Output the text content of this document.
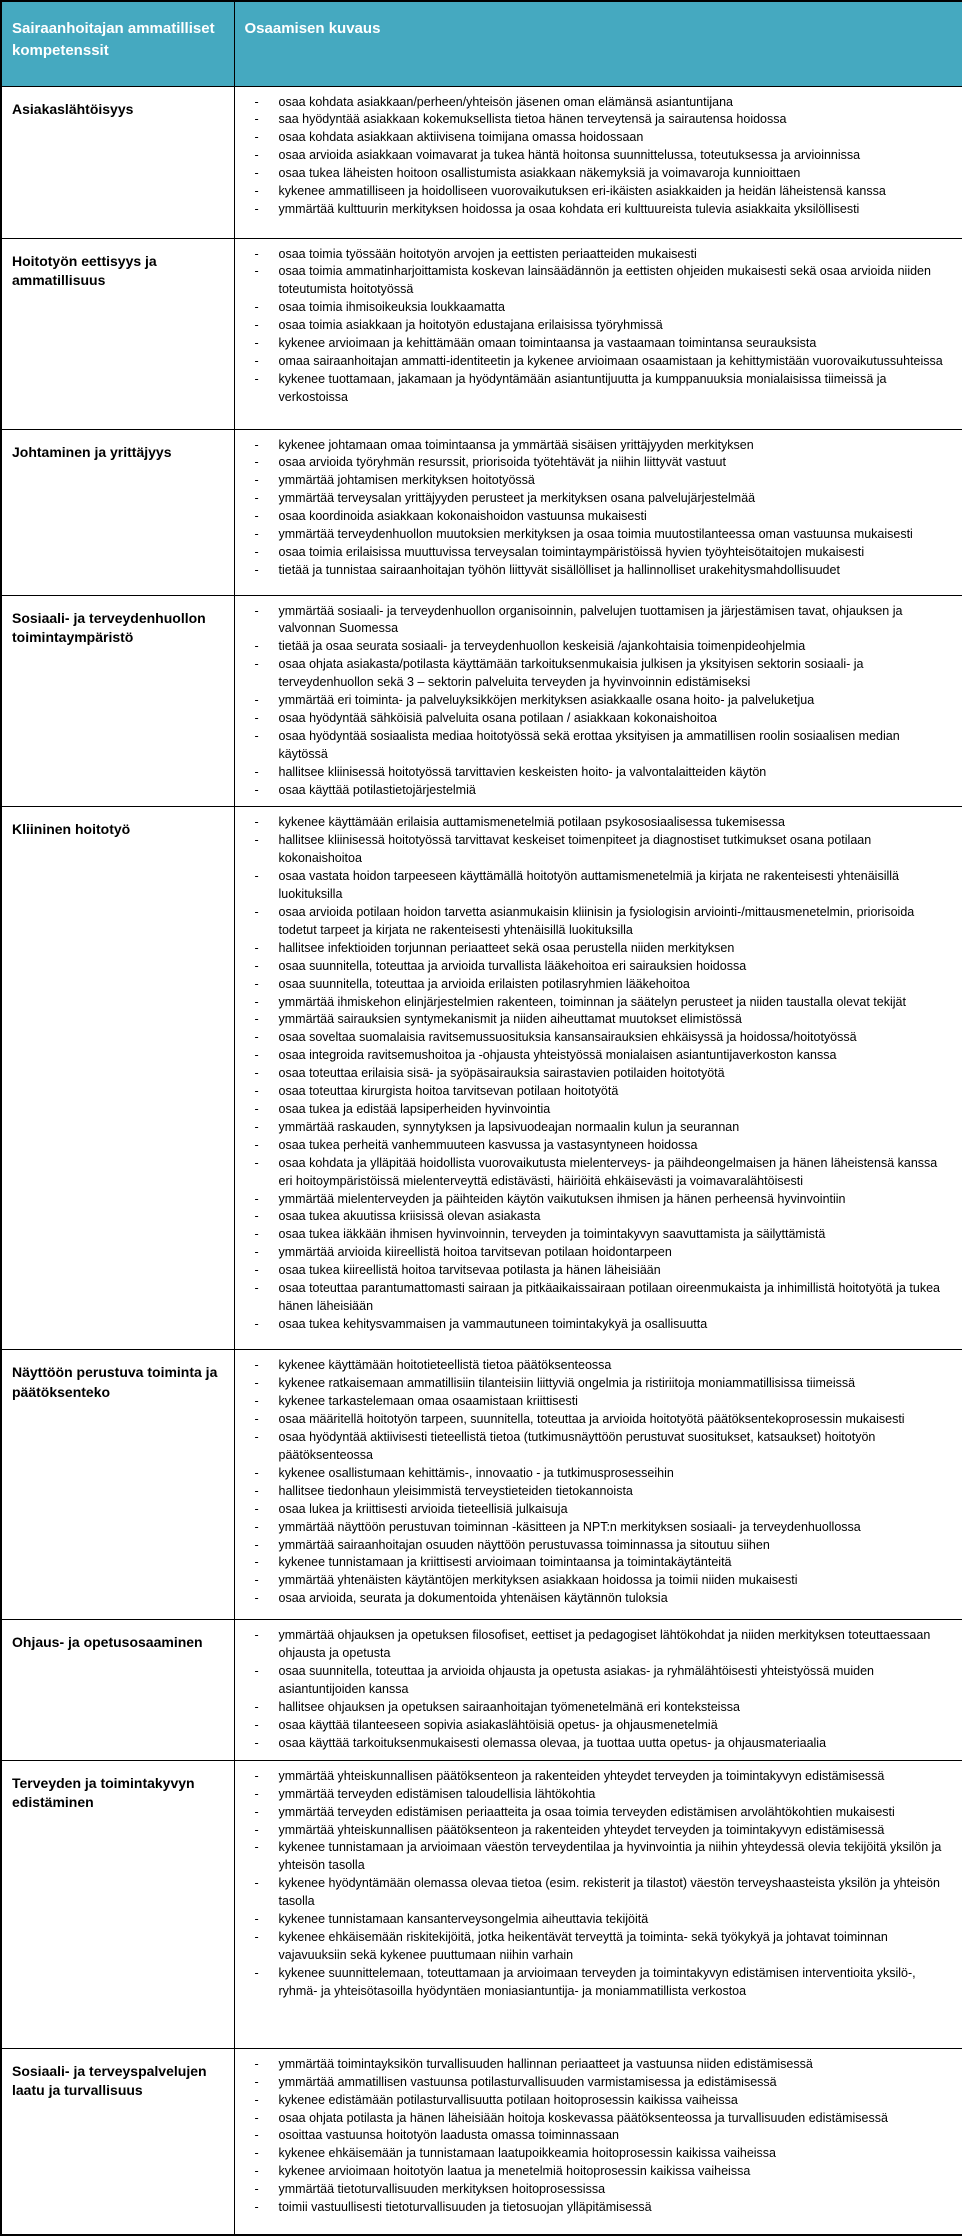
Sairaanhoitajan ammatilliset kompetenssit	Osaamisen kuvaus
Asiakaslähtöisyys	-	osaa kohdata asiakkaan/perheen/yhteisön jäsenen oman elämänsä asiantuntijana
-	saa hyödyntää asiakkaan kokemuksellista tietoa hänen terveytensä ja sairautensa hoidossa
-	osaa kohdata asiakkaan aktiivisena toimijana omassa hoidossaan
-	osaa arvioida asiakkaan voimavarat ja tukea häntä hoitonsa suunnittelussa, toteutuksessa ja arvioinnissa
-	osaa tukea läheisten hoitoon osallistumista asiakkaan näkemyksiä ja voimavaroja kunnioittaen
-	kykenee ammatilliseen ja hoidolliseen vuorovaikutuksen eri-ikäisten asiakkaiden ja heidän läheistensä kanssa
-	ymmärtää kulttuurin merkityksen hoidossa ja osaa kohdata eri kulttuureista tulevia asiakkaita yksilöllisesti

Hoitotyön eettisyys ja ammatillisuus	
-	osaa toimia työssään hoitotyön arvojen ja eettisten periaatteiden mukaisesti
-	osaa toimia ammatinharjoittamista koskevan lainsäädännön ja eettisten ohjeiden mukaisesti sekä osaa arvioida niiden toteutumista hoitotyössä
-	osaa toimia ihmisoikeuksia loukkaamatta
-	osaa toimia asiakkaan ja hoitotyön edustajana erilaisissa työryhmissä
-	kykenee arvioimaan ja kehittämään omaan toimintaansa ja vastaamaan toimintansa seurauksista
-	omaa sairaanhoitajan ammatti-identiteetin ja kykenee arvioimaan osaamistaan ja kehittymistään vuorovaikutussuhteissa
-	kykenee tuottamaan, jakamaan ja hyödyntämään asiantuntijuutta ja kumppanuuksia monialaisissa tiimeissä ja verkostoissa

Johtaminen ja yrittäjyys	-	kykenee johtamaan omaa toimintaansa ja ymmärtää sisäisen yrittäjyyden merkityksen
-	osaa arvioida työryhmän resurssit, priorisoida työtehtävät ja niihin liittyvät vastuut
-	ymmärtää johtamisen merkityksen hoitotyössä
-	ymmärtää terveysalan yrittäjyyden perusteet ja merkityksen osana palvelujärjestelmää
-	osaa koordinoida asiakkaan kokonaishoidon vastuunsa mukaisesti
-	ymmärtää terveydenhuollon muutoksien merkityksen ja osaa toimia muutostilanteessa oman vastuunsa mukaisesti
-	osaa toimia erilaisissa muuttuvissa terveysalan toimintaympäristöissä hyvien työyhteisötaitojen mukaisesti
-	tietää ja tunnistaa sairaanhoitajan työhön liittyvät sisällölliset ja hallinnolliset urakehitysmahdollisuudet

Sosiaali- ja terveydenhuollon toimintaympäristö	
-	ymmärtää sosiaali- ja terveydenhuollon organisoinnin, palvelujen tuottamisen ja järjestämisen tavat, ohjauksen ja valvonnan Suomessa
-	tietää ja osaa seurata sosiaali- ja terveydenhuollon keskeisiä /ajankohtaisia toimenpideohjelmia
-	osaa ohjata asiakasta/potilasta käyttämään tarkoituksenmukaisia julkisen ja yksityisen sektorin sosiaali- ja terveydenhuollon sekä 3 – sektorin palveluita terveyden ja hyvinvoinnin edistämiseksi
-	ymmärtää eri toiminta- ja palveluyksikköjen merkityksen asiakkaalle osana hoito- ja palveluketjua
-	osaa hyödyntää sähköisiä palveluita osana potilaan / asiakkaan kokonaishoitoa
-	osaa hyödyntää sosiaalista mediaa hoitotyössä sekä erottaa yksityisen ja ammatillisen roolin sosiaalisen median käytössä
-	hallitsee kliinisessä hoitotyössä tarvittavien keskeisten hoito- ja valvontalaitteiden käytön
-	osaa käyttää potilastietojärjestelmiä

Kliininen hoitotyö	-	kykenee käyttämään erilaisia auttamismenetelmiä potilaan psykososiaalisessa tukemisessa
-	hallitsee kliinisessä hoitotyössä tarvittavat keskeiset toimenpiteet ja diagnostiset tutkimukset osana potilaan kokonaishoitoa
-	osaa vastata hoidon tarpeeseen käyttämällä hoitotyön auttamismenetelmiä ja kirjata ne rakenteisesti yhtenäisillä luokituksilla
-	osaa arvioida potilaan hoidon tarvetta asianmukaisin kliinisin ja fysiologisin arviointi-/mittausmenetelmin, priorisoida todetut tarpeet ja kirjata ne rakenteisesti yhtenäisillä luokituksilla
-	hallitsee infektioiden torjunnan periaatteet sekä osaa perustella niiden merkityksen
-	osaa suunnitella, toteuttaa ja arvioida turvallista lääkehoitoa eri sairauksien hoidossa
-	osaa suunnitella, toteuttaa ja arvioida erilaisten potilasryhmien lääkehoitoa
-	ymmärtää ihmiskehon elinjärjestelmien rakenteen, toiminnan ja säätelyn perusteet ja niiden taustalla olevat tekijät
-	ymmärtää sairauksien syntymekanismit ja niiden aiheuttamat muutokset elimistössä
-	osaa soveltaa suomalaisia ravitsemussuosituksia kansansairauksien ehkäisyssä ja hoidossa/hoitotyössä
-	osaa integroida ravitsemushoitoa ja -ohjausta yhteistyössä monialaisen asiantuntijaverkoston kanssa
-	osaa toteuttaa erilaisia sisä- ja syöpäsairauksia sairastavien potilaiden hoitotyötä
-	osaa toteuttaa kirurgista hoitoa tarvitsevan potilaan hoitotyötä
-	osaa tukea ja edistää lapsiperheiden hyvinvointia
-	ymmärtää raskauden, synnytyksen ja lapsivuodeajan normaalin kulun ja seurannan
-	osaa tukea perheitä vanhemmuuteen kasvussa ja vastasyntyneen hoidossa
-	osaa kohdata ja ylläpitää hoidollista vuorovaikutusta mielenterveys- ja päihdeongelmaisen ja hänen läheistensä kanssa eri hoitoympäristöissä mielenterveyttä edistävästi, häiriöitä ehkäisevästi ja voimavaralähtöisesti
-	ymmärtää mielenterveyden ja päihteiden käytön vaikutuksen ihmisen ja hänen perheensä hyvinvointiin
-	osaa tukea akuutissa kriisissä olevan asiakasta
-	osaa tukea iäkkään ihmisen hyvinvoinnin, terveyden ja toimintakyvyn saavuttamista ja säilyttämistä
-	ymmärtää arvioida kiireellistä hoitoa tarvitsevan potilaan hoidontarpeen
-	osaa tukea kiireellistä hoitoa tarvitsevaa potilasta ja hänen läheisiään
-	osaa toteuttaa parantumattomasti sairaan ja pitkäaikaissairaan potilaan oireenmukaista ja inhimillistä hoitotyötä ja tukea hänen läheisiään
-	osaa tukea kehitysvammaisen ja vammautuneen toimintakykyä ja osallisuutta

Näyttöön perustuva toiminta ja päätöksenteko	
-	kykenee käyttämään hoitotieteellistä tietoa päätöksenteossa
-	kykenee ratkaisemaan ammatillisiin tilanteisiin liittyviä ongelmia ja ristiriitoja moniammatillisissa tiimeissä
-	kykenee tarkastelemaan omaa osaamistaan kriittisesti
-	osaa määritellä hoitotyön tarpeen, suunnitella, toteuttaa ja arvioida hoitotyötä päätöksentekoprosessin mukaisesti
-	osaa hyödyntää aktiivisesti tieteellistä tietoa (tutkimusnäyttöön perustuvat suositukset, katsaukset) hoitotyön päätöksenteossa
-	kykenee osallistumaan kehittämis-, innovaatio - ja tutkimusprosesseihin
-	hallitsee tiedonhaun yleisimmistä terveystieteiden tietokannoista
-	osaa lukea ja kriittisesti arvioida tieteellisiä julkaisuja
-	ymmärtää näyttöön perustuvan toiminnan -käsitteen ja NPT:n merkityksen sosiaali- ja terveydenhuollossa
-	ymmärtää sairaanhoitajan osuuden näyttöön perustuvassa toiminnassa ja sitoutuu siihen
-	kykenee tunnistamaan ja kriittisesti arvioimaan toimintaansa ja toimintakäytänteitä
-	ymmärtää yhtenäisten käytäntöjen merkityksen asiakkaan hoidossa ja toimii niiden mukaisesti
-	osaa arvioida, seurata ja dokumentoida yhtenäisen käytännön tuloksia

Ohjaus- ja opetusosaaminen	-	ymmärtää ohjauksen ja opetuksen filosofiset, eettiset ja pedagogiset lähtökohdat ja niiden merkityksen toteuttaessaan ohjausta ja opetusta
-	osaa suunnitella, toteuttaa ja arvioida ohjausta ja opetusta asiakas- ja ryhmälähtöisesti yhteistyössä muiden asiantuntijoiden kanssa
-	hallitsee ohjauksen ja opetuksen sairaanhoitajan työmenetelmänä eri konteksteissa
-	osaa käyttää tilanteeseen sopivia asiakaslähtöisiä opetus- ja ohjausmenetelmiä
-	osaa käyttää tarkoituksenmukaisesti olemassa olevaa, ja tuottaa uutta opetus- ja ohjausmateriaalia

Terveyden ja toimintakyvyn edistäminen	
-	ymmärtää yhteiskunnallisen päätöksenteon ja rakenteiden yhteydet terveyden ja toimintakyvyn edistämisessä
-	ymmärtää terveyden edistämisen taloudellisia lähtökohtia
-	ymmärtää terveyden edistämisen periaatteita ja osaa toimia terveyden edistämisen arvolähtökohtien mukaisesti
-	ymmärtää yhteiskunnallisen päätöksenteon ja rakenteiden yhteydet terveyden ja toimintakyvyn edistämisessä
-	kykenee tunnistamaan ja arvioimaan väestön terveydentilaa ja hyvinvointia ja niihin yhteydessä olevia tekijöitä yksilön ja yhteisön tasolla
-	kykenee hyödyntämään olemassa olevaa tietoa (esim. rekisterit ja tilastot) väestön terveyshaasteista yksilön ja yhteisön tasolla
-	kykenee tunnistamaan kansanterveysongelmia aiheuttavia tekijöitä
-	kykenee ehkäisemään riskitekijöitä, jotka heikentävät terveyttä ja toiminta- sekä työkykyä ja johtavat toiminnan vajavuuksiin sekä kykenee puuttumaan niihin varhain
-	kykenee suunnittelemaan, toteuttamaan ja arvioimaan terveyden ja toimintakyvyn edistämisen interventioita yksilö-, ryhmä- ja yhteisötasoilla hyödyntäen moniasiantuntija- ja moniammatillista verkostoa

Sosiaali- ja terveyspalvelujen laatu ja turvallisuus	
-	ymmärtää toimintayksikön turvallisuuden hallinnan periaatteet ja vastuunsa niiden edistämisessä
-	ymmärtää ammatillisen vastuunsa potilasturvallisuuden varmistamisessa ja edistämisessä
-	kykenee edistämään potilasturvallisuutta potilaan hoitoprosessin kaikissa vaiheissa
-	osaa ohjata potilasta ja hänen läheisiään hoitoja koskevassa päätöksenteossa ja turvallisuuden edistämisessä
-	osoittaa vastuunsa hoitotyön laadusta omassa toiminnassaan
-	kykenee ehkäisemään ja tunnistamaan laatupoikkeamia hoitoprosessin kaikissa vaiheissa
-	kykenee arvioimaan hoitotyön laatua ja menetelmiä hoitoprosessin kaikissa vaiheissa
-	ymmärtää tietoturvallisuuden merkityksen hoitoprosessissa
-	toimii vastuullisesti tietoturvallisuuden ja tietosuojan ylläpitämisessä
